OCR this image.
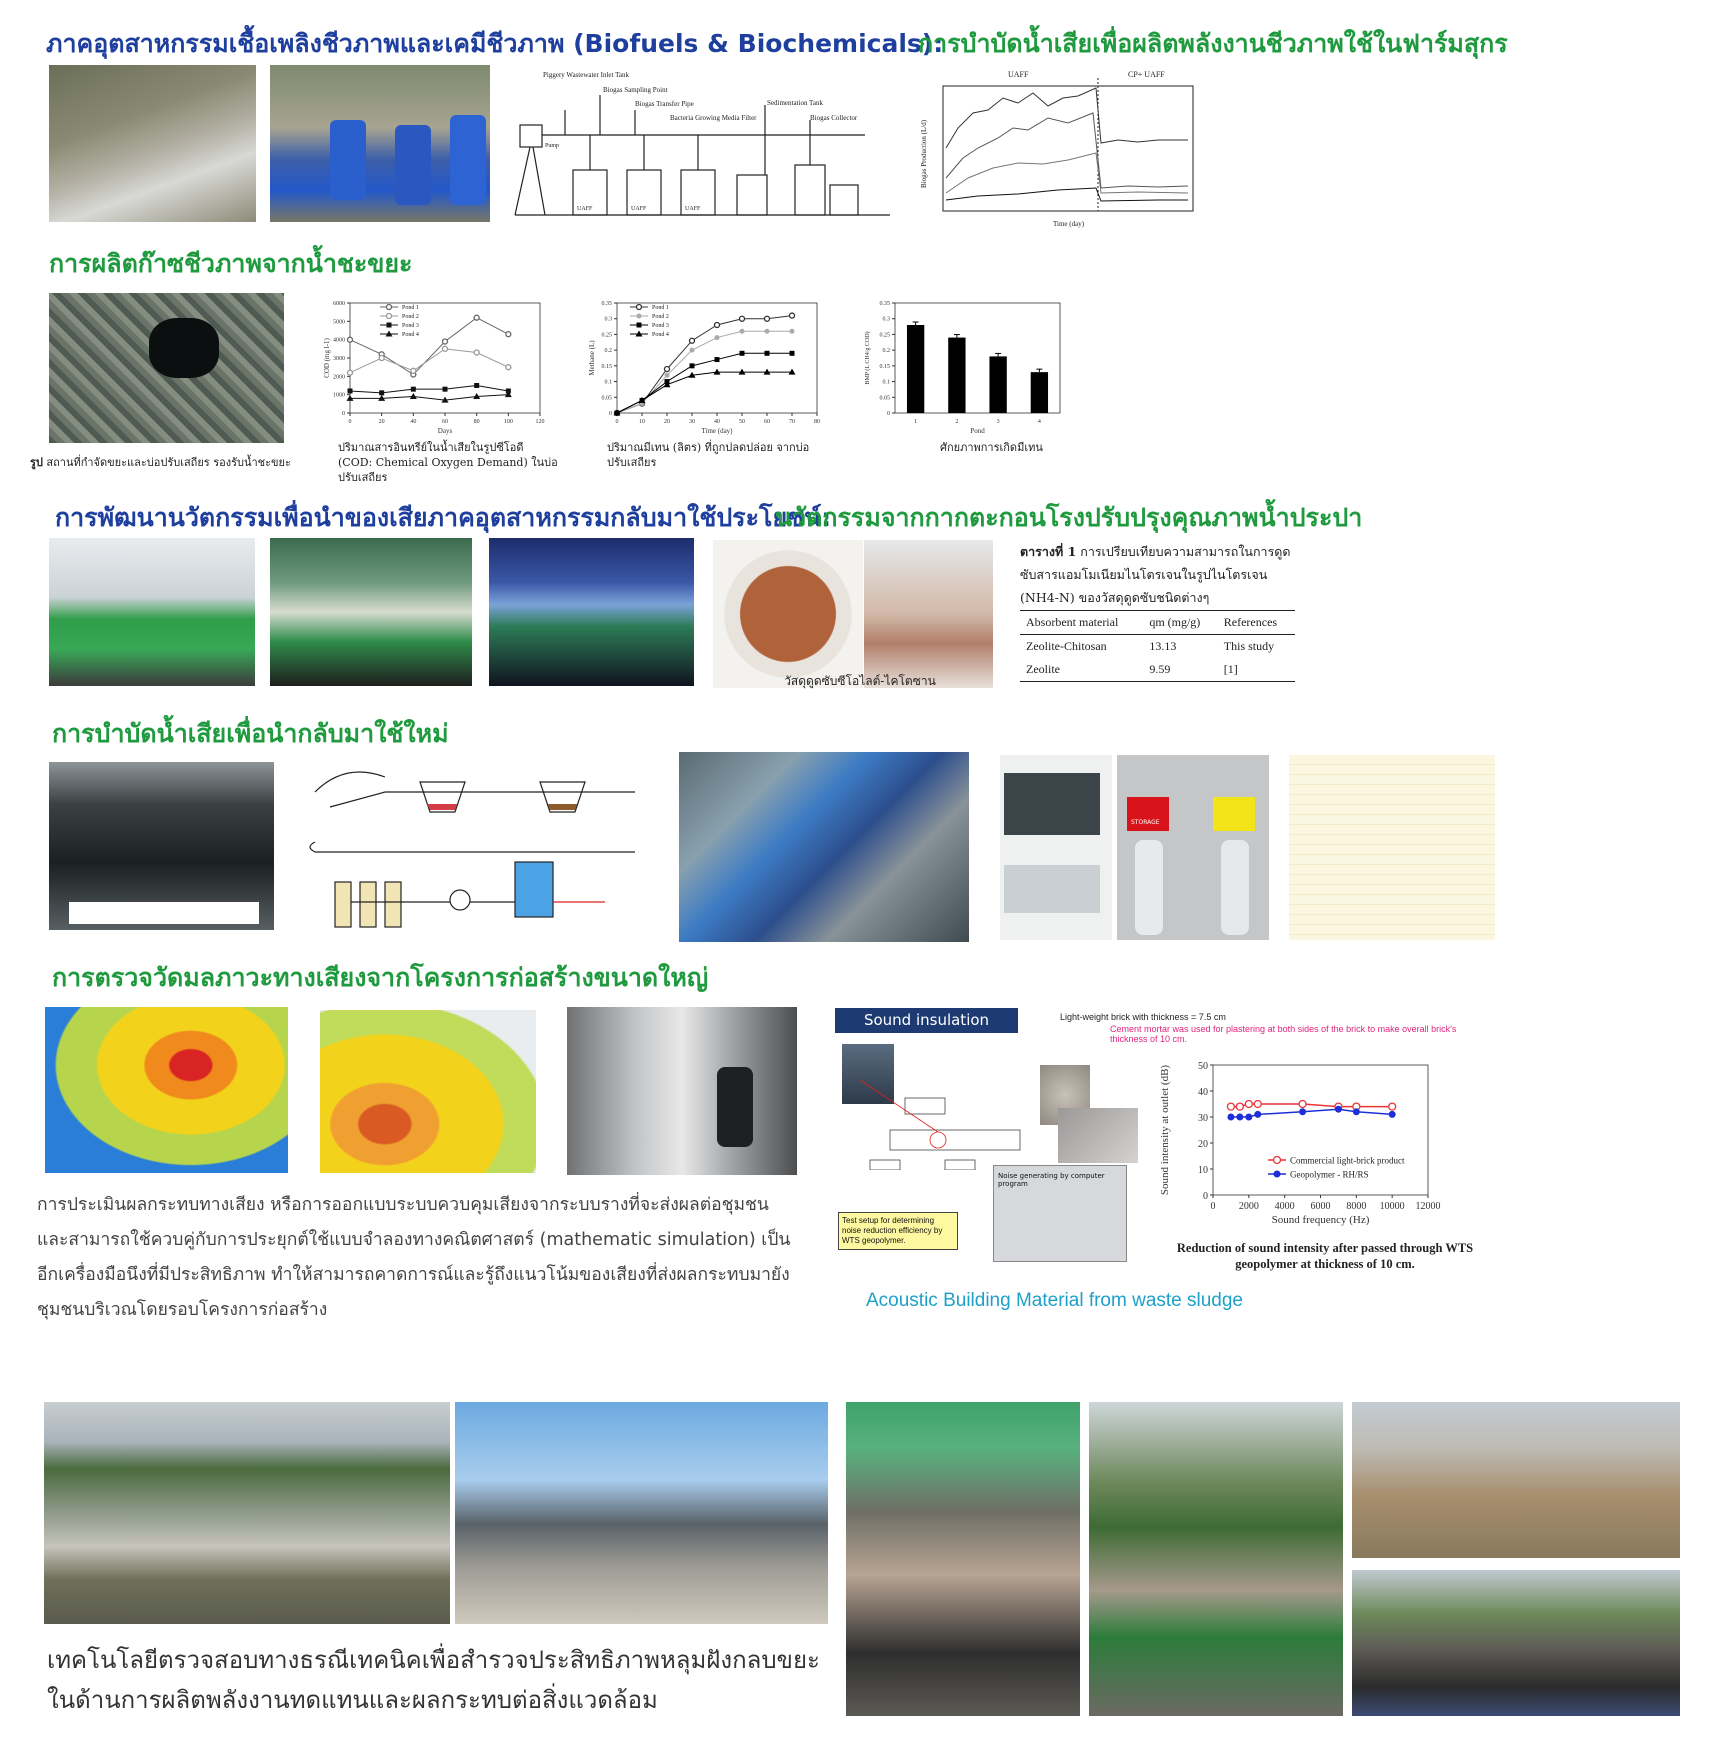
ภาคอุตสาหกรรมเชื้อเพลิงชีวภาพและเคมีชีวภาพ (Biofuels & Biochemicals):
การบำบัดน้ำเสียเพื่อผลิตพลังงานชีวภาพใช้ในฟาร์มสุกร
Piggery Wastewater Inlet Tank
Biogas Sampling Point
Biogas Transfer Pipe
Bacteria Growing Media Filter
Sedimentation Tank
Biogas Collector
Pump
UAFF	UAFF	UAFF
UAFF	CP+ UAFF
Biogas Production (L/d)
Time (day)
การผลิตก๊าซชีวภาพจากน้ำชะขยะ
รูป สถานที่กำจัดขยะและบ่อปรับเสถียร รองรับน้ำชะขยะ
0	20	40	60	80	100	120
0
1000
2000
3000
4000
5000
6000
Days
COD (mg l-1)
Pond 1
Pond 2
Pond 3
Pond 4
ปริมาณสารอินทรีย์ในน้ำเสียในรูปซีโอดี (COD: Chemical Oxygen Demand) ในบ่อปรับเสถียร
0	10	20	30	40	50	60	70	80
0
0.05
0.1
0.15
0.2
0.25
0.3
0.35
Time (day)
Methane (L)
Pond 1
Pond 2
Pond 3
Pond 4
ปริมาณมีเทน (ลิตร) ที่ถูกปลดปล่อย จากบ่อปรับเสถียร
0
0.05
0.1
0.15
0.2
0.25
0.3
0.35
1	2	3	4
Pond
BMP (L CH4/g COD)
ศักยภาพการเกิดมีเทน
การพัฒนานวัตกรรมเพื่อนำของเสียภาคอุตสาหกรรมกลับมาใช้ประโยชน์:
นวัตกรรมจากกากตะกอนโรงปรับปรุงคุณภาพน้ำประปา
วัสดุดูดซับซีโอไลต์-ไคโตซาน
ตารางที่ 1 การเปรียบเทียบความสามารถในการดูดซับสารแอมโมเนียมไนโตรเจนในรูปไนโตรเจน (NH4-N) ของวัสดุดูดซับชนิดต่างๆ
Absorbent material	qm (mg/g)	References
Zeolite-Chitosan	13.13	This study
Zeolite	9.59	[1]
การบำบัดน้ำเสียเพื่อนำกลับมาใช้ใหม่
STORAGE
การตรวจวัดมลภาวะทางเสียงจากโครงการก่อสร้างขนาดใหญ่
การประเมินผลกระทบทางเสียง หรือการออกแบบระบบควบคุมเสียงจากระบบรางที่จะส่งผลต่อชุมชน และสามารถใช้ควบคู่กับการประยุกต์ใช้แบบจำลองทางคณิตศาสตร์ (mathematic simulation) เป็นอีกเครื่องมือนึงที่มีประสิทธิภาพ ทำให้สามารถคาดการณ์และรู้ถึงแนวโน้มของเสียงที่ส่งผลกระทบมายังชุมชนบริเวณโดยรอบโครงการก่อสร้าง
Sound insulation	Light-weight brick with thickness = 7.5 cm
Cement mortar was used for plastering at both sides of the brick to make overall brick's thickness of 10 cm.
Noise generating by computer program
Test setup for determining noise reduction efficiency by WTS geopolymer.
0 2000 4000 6000 8000 10000 12000
0
10
20
30
40
50
Sound frequency (Hz)
Sound intensity at outlet (dB)	Commercial light-brick product
Geopolymer - RH/RS
Reduction of sound intensity after passed through WTS geopolymer at thickness of 10 cm.
Acoustic Building Material from waste sludge
เทคโนโลยีตรวจสอบทางธรณีเทคนิคเพื่อสำรวจประสิทธิภาพหลุมฝังกลบขยะในด้านการผลิตพลังงานทดแทนและผลกระทบต่อสิ่งแวดล้อม
